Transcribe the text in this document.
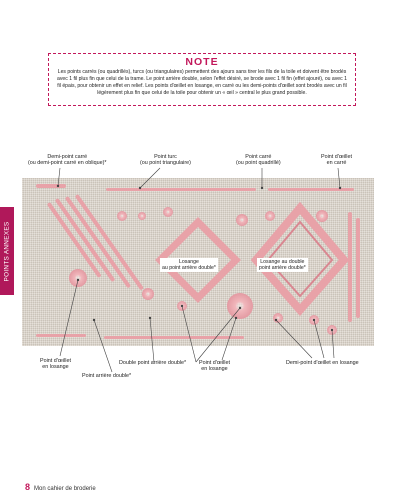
NOTE
Les points carrés (ou quadrillés), turcs (ou triangulaires) permettent des ajours sans tirer les fils de la toile et doivent être brodés avec 1 fil plus fin que celui de la trame. Le point arrière double, selon l'effet désiré, se brode avec 1 fil fin (effet ajouré), ou avec 1 fil épais, pour obtenir un effet en relief. Les points d'œillet en losange, en carré ou les demi-points d'œillet sont brodés avec un fil légèrement plus fin que celui de la toile pour obtenir un « œil » central le plus grand possible.
POINTS ANNEXES
Demi-point carré
(ou demi-point carré en oblique)*
Point turc
(ou point triangulaire)
Point carré
(ou point quadrillé)
Point d'œillet
en carré
Losange
au point arrière double*
Losange au double
point arrière double*
Point d'œillet
en losange
Point arrière double*
Double point arrière double* Point d'œillet
en losange
Demi-point d'œillet en losange
8 Mon cahier de broderie
